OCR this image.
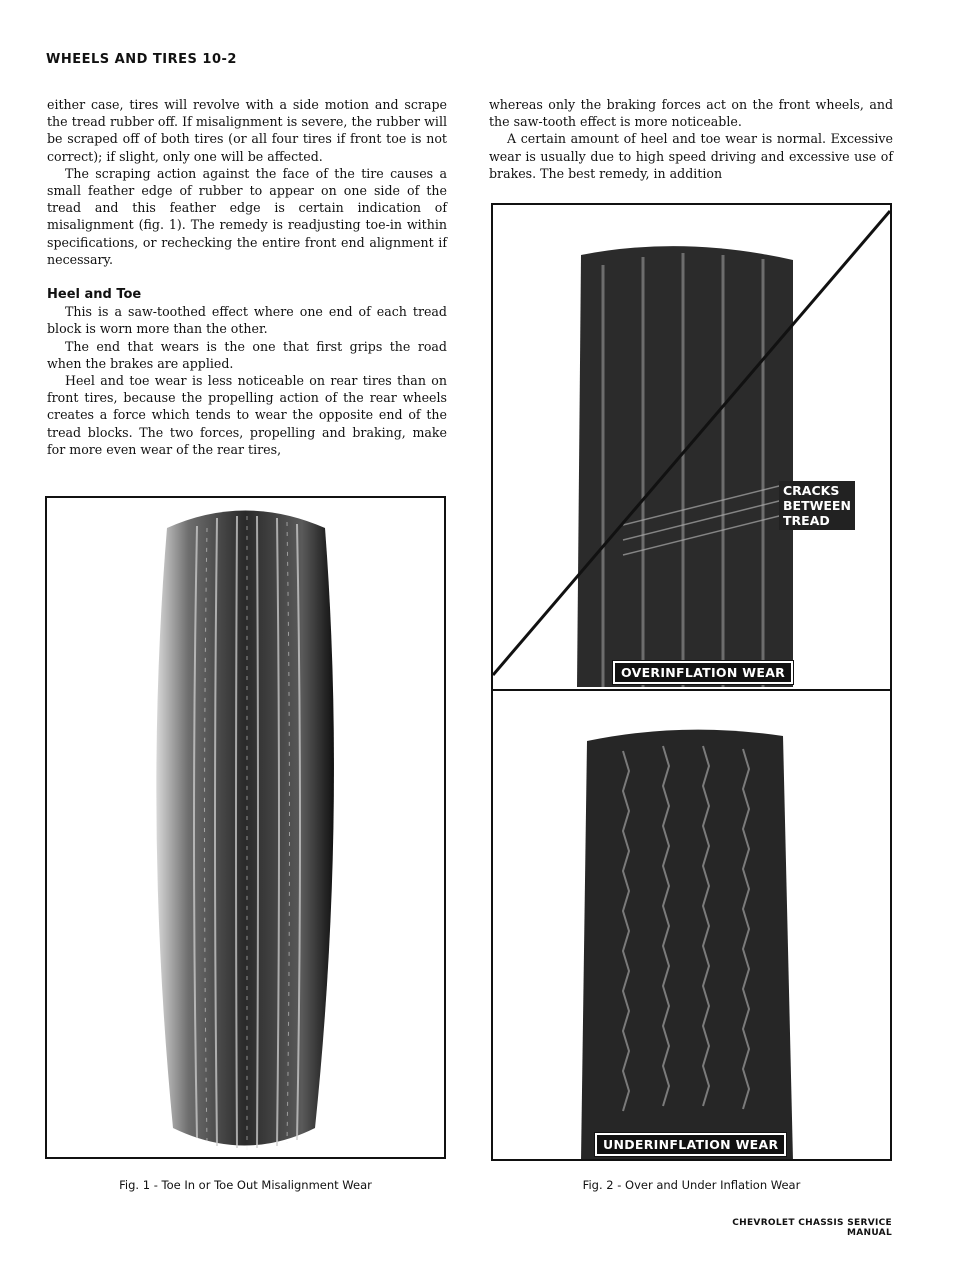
WHEELS AND TIRES 10-2

either case, tires will revolve with a side motion and scrape the tread rubber off. If misalignment is severe, the rubber will be scraped off of both tires (or all four tires if front toe is not correct); if slight, only one will be affected.

The scraping action against the face of the tire causes a small feather edge of rubber to appear on one side of the tread and this feather edge is certain indication of misalignment (fig. 1). The remedy is readjusting toe-in within specifications, or rechecking the entire front end alignment if necessary.

Heel and Toe

This is a saw-toothed effect where one end of each tread block is worn more than the other.

The end that wears is the one that first grips the road when the brakes are applied.

Heel and toe wear is less noticeable on rear tires than on front tires, because the propelling action of the rear wheels creates a force which tends to wear the opposite end of the tread blocks. The two forces, propelling and braking, make for more even wear of the rear tires,

whereas only the braking forces act on the front wheels, and the saw-tooth effect is more noticeable.

A certain amount of heel and toe wear is normal. Excessive wear is usually due to high speed driving and excessive use of brakes. The best remedy, in addition

CRACKS
BETWEEN
TREAD
OVERINFLATION WEAR
UNDERINFLATION WEAR
Fig. 1 - Toe In or Toe Out Misalignment Wear	Fig. 2 - Over and Under Inflation Wear
CHEVROLET CHASSIS SERVICE MANUAL
